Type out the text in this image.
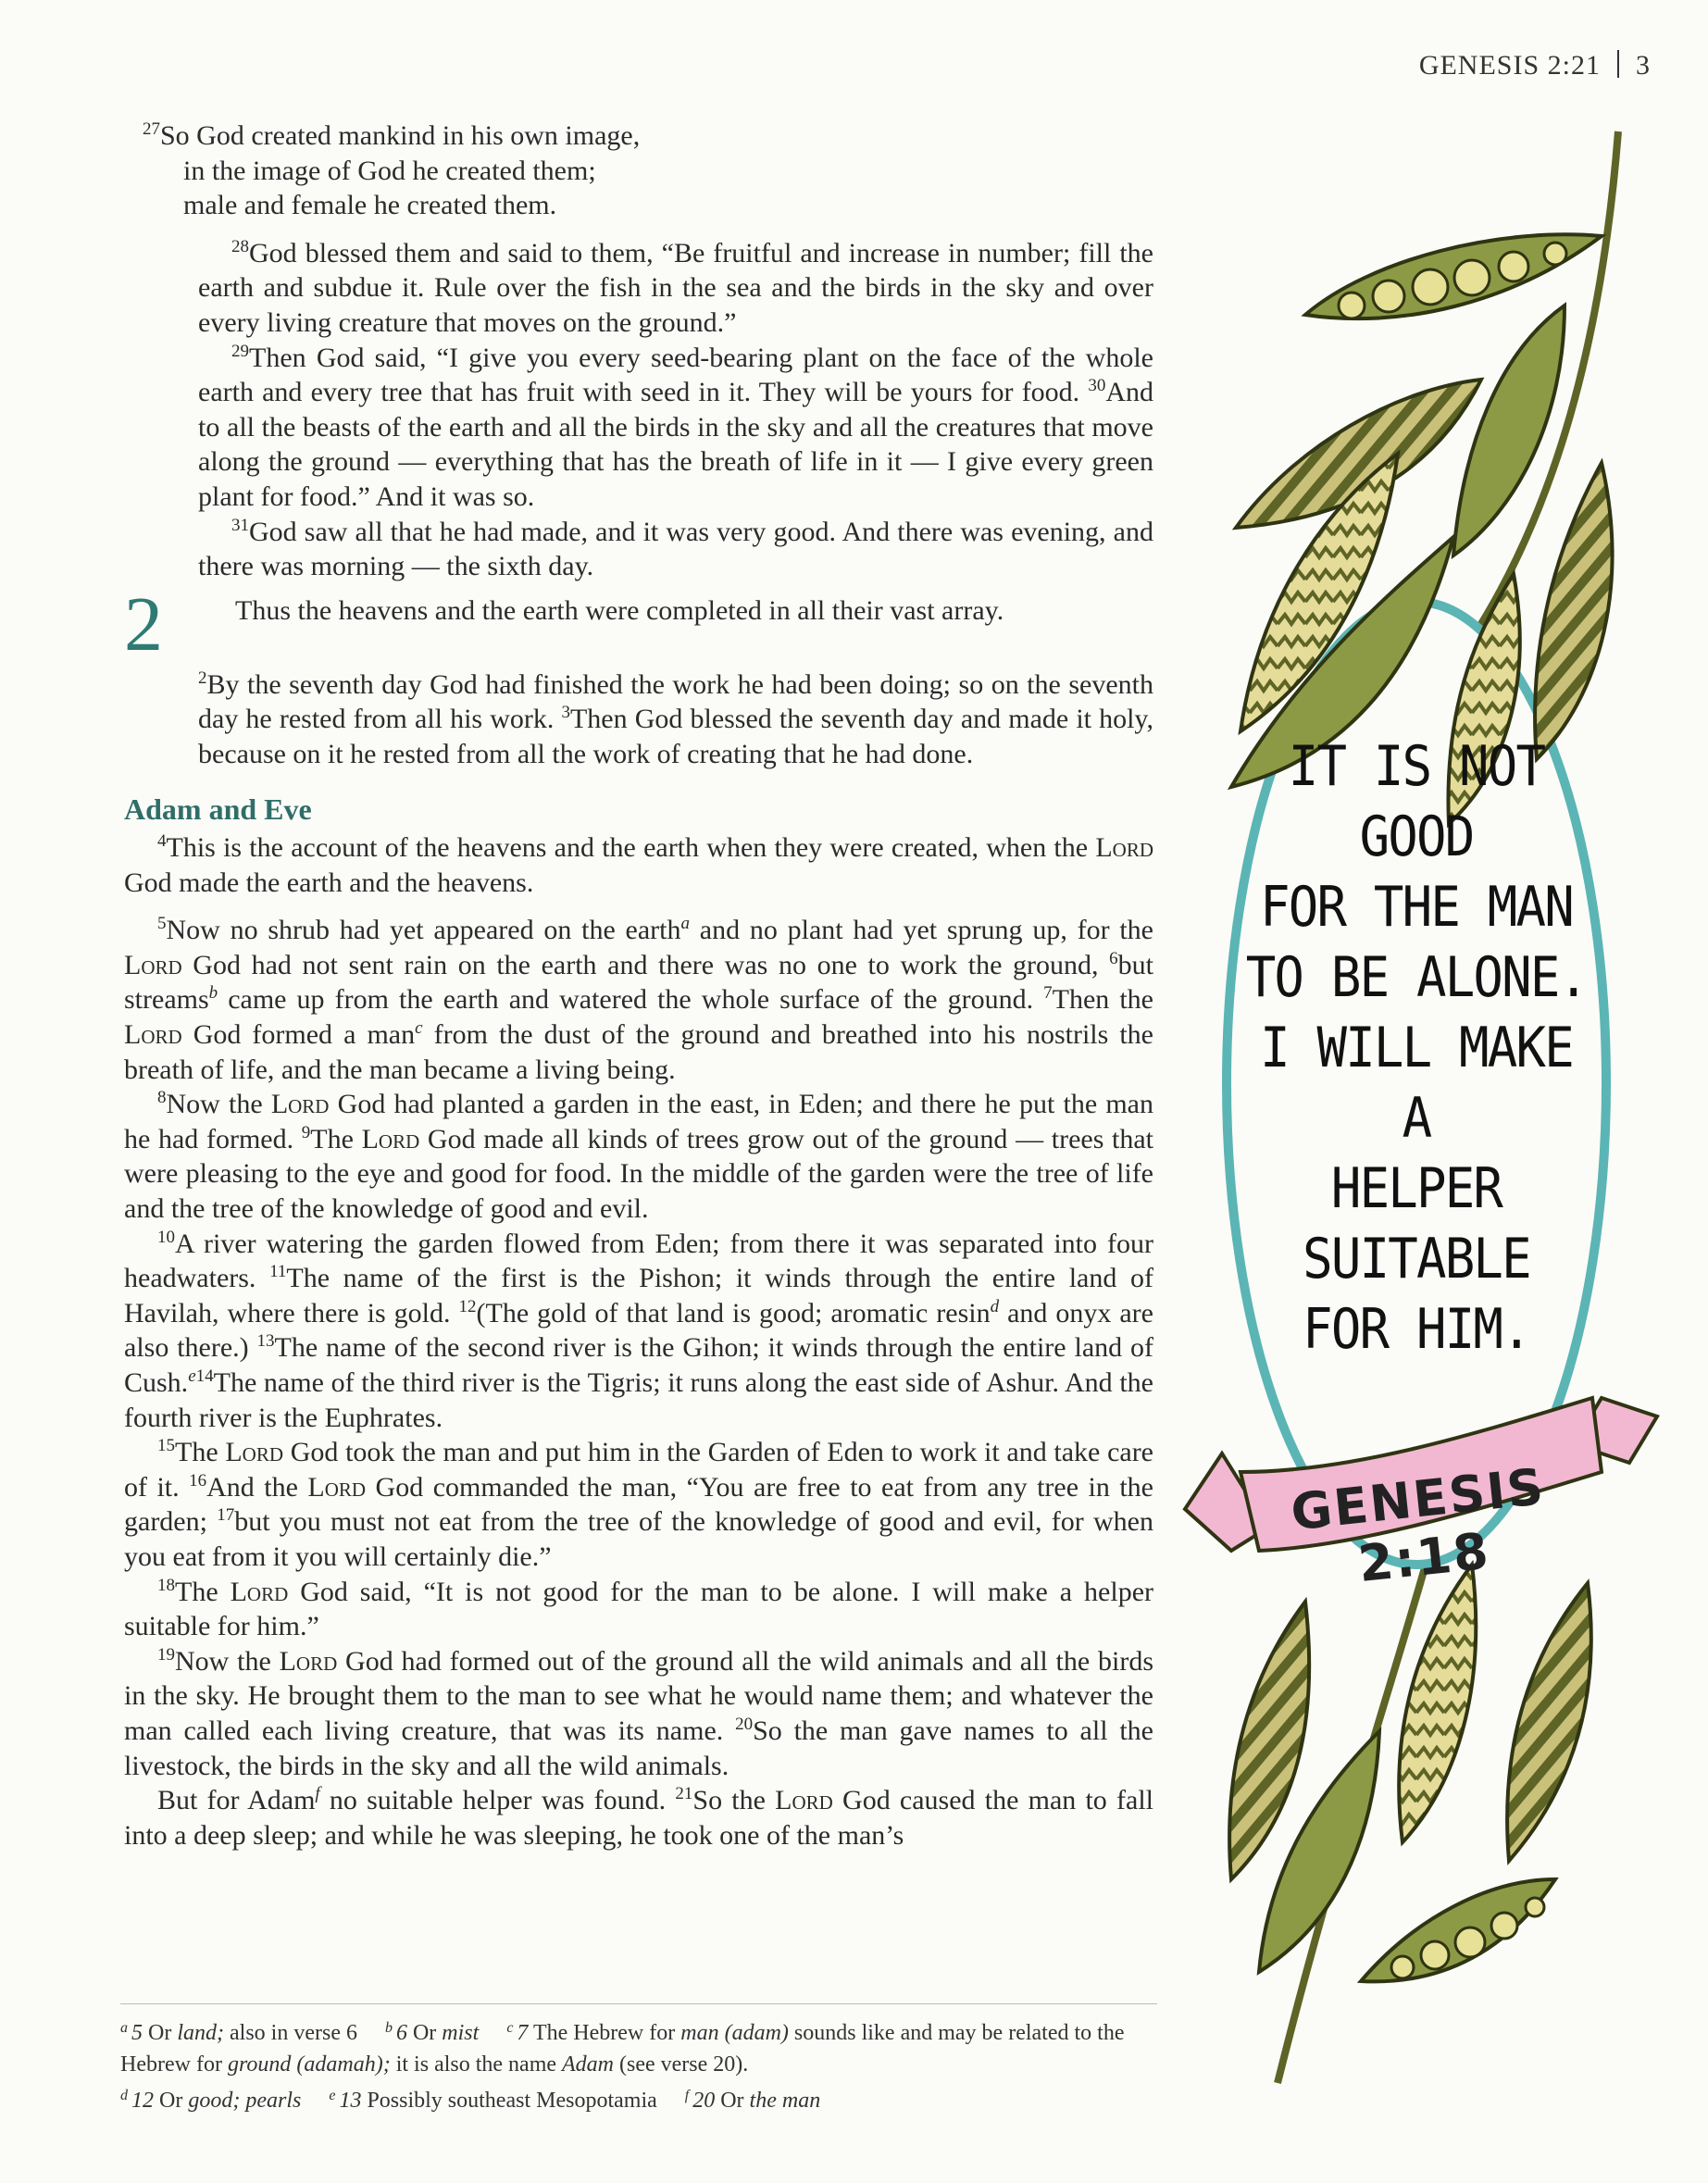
GENESIS 2:21 3

$^{27}$So God created mankind in his own image,
in the image of God he created them;
male and female he created them.

$^{28}$God blessed them and said to them, “Be fruitful and increase in number; fill the earth and subdue it. Rule over the fish in the sea and the birds in the sky and over every living creature that moves on the ground.”

$^{29}$Then God said, “I give you every seed-bearing plant on the face of the whole earth and every tree that has fruit with seed in it. They will be yours for food. $^{30}$And to all the beasts of the earth and all the birds in the sky and all the creatures that move along the ground — everything that has the breath of life in it — I give every green plant for food.” And it was so.

$^{31}$God saw all that he had made, and it was very good. And there was evening, and there was morning — the sixth day.

2	Thus the heavens and the earth were completed in all their vast array.

$^2$By the seventh day God had finished the work he had been doing; so on the seventh day he rested from all his work. $^3$Then God blessed the seventh day and made it holy, because on it he rested from all the work of creating that he had done.

Adam and Eve

$^4$This is the account of the heavens and the earth when they were created, when the Lord God made the earth and the heavens.

$^5$Now no shrub had yet appeared on the earth$^a$ and no plant had yet sprung up, for the Lord God had not sent rain on the earth and there was no one to work the ground, $^6$but streams$^b$ came up from the earth and watered the whole surface of the ground. $^7$Then the Lord God formed a man$^c$ from the dust of the ground and breathed into his nostrils the breath of life, and the man became a living being.

$^8$Now the Lord God had planted a garden in the east, in Eden; and there he put the man he had formed. $^9$The Lord God made all kinds of trees grow out of the ground — trees that were pleasing to the eye and good for food. In the middle of the garden were the tree of life and the tree of the knowledge of good and evil.

$^{10}$A river watering the garden flowed from Eden; from there it was separated into four headwaters. $^{11}$The name of the first is the Pishon; it winds through the entire land of Havilah, where there is gold. $^{12}$(The gold of that land is good; aromatic resin$^d$ and onyx are also there.) $^{13}$The name of the second river is the Gihon; it winds through the entire land of Cush.$^{e14}$The name of the third river is the Tigris; it runs along the east side of Ashur. And the fourth river is the Euphrates.

$^{15}$The Lord God took the man and put him in the Garden of Eden to work it and take care of it. $^{16}$And the Lord God commanded the man, “You are free to eat from any tree in the garden; $^{17}$but you must not eat from the tree of the knowledge of good and evil, for when you eat from it you will certainly die.”

$^{18}$The Lord God said, “It is not good for the man to be alone. I will make a helper suitable for him.”

$^{19}$Now the Lord God had formed out of the ground all the wild animals and all the birds in the sky. He brought them to the man to see what he would name them; and whatever the man called each living creature, that was its name. $^{20}$So the man gave names to all the livestock, the birds in the sky and all the wild animals.

But for Adam$^f$ no suitable helper was found. $^{21}$So the Lord God caused the man to fall into a deep sleep; and while he was sleeping, he took one of the man’s

$^a$ 5 Or land; also in verse 6 $^b$ 6 Or mist $^c$ 7 The Hebrew for man (adam) sounds like and may be related to the Hebrew for ground (adamah); it is also the name Adam (see verse 20).
$^d$ 12 Or good; pearls $^e$ 13 Possibly southeast Mesopotamia $^f$ 20 Or the man
IT IS NOT GOOD
FOR THE MAN
TO BE ALONE.
I WILL MAKE A
HELPER SUITABLE
FOR HIM.
GENESIS 2:18
